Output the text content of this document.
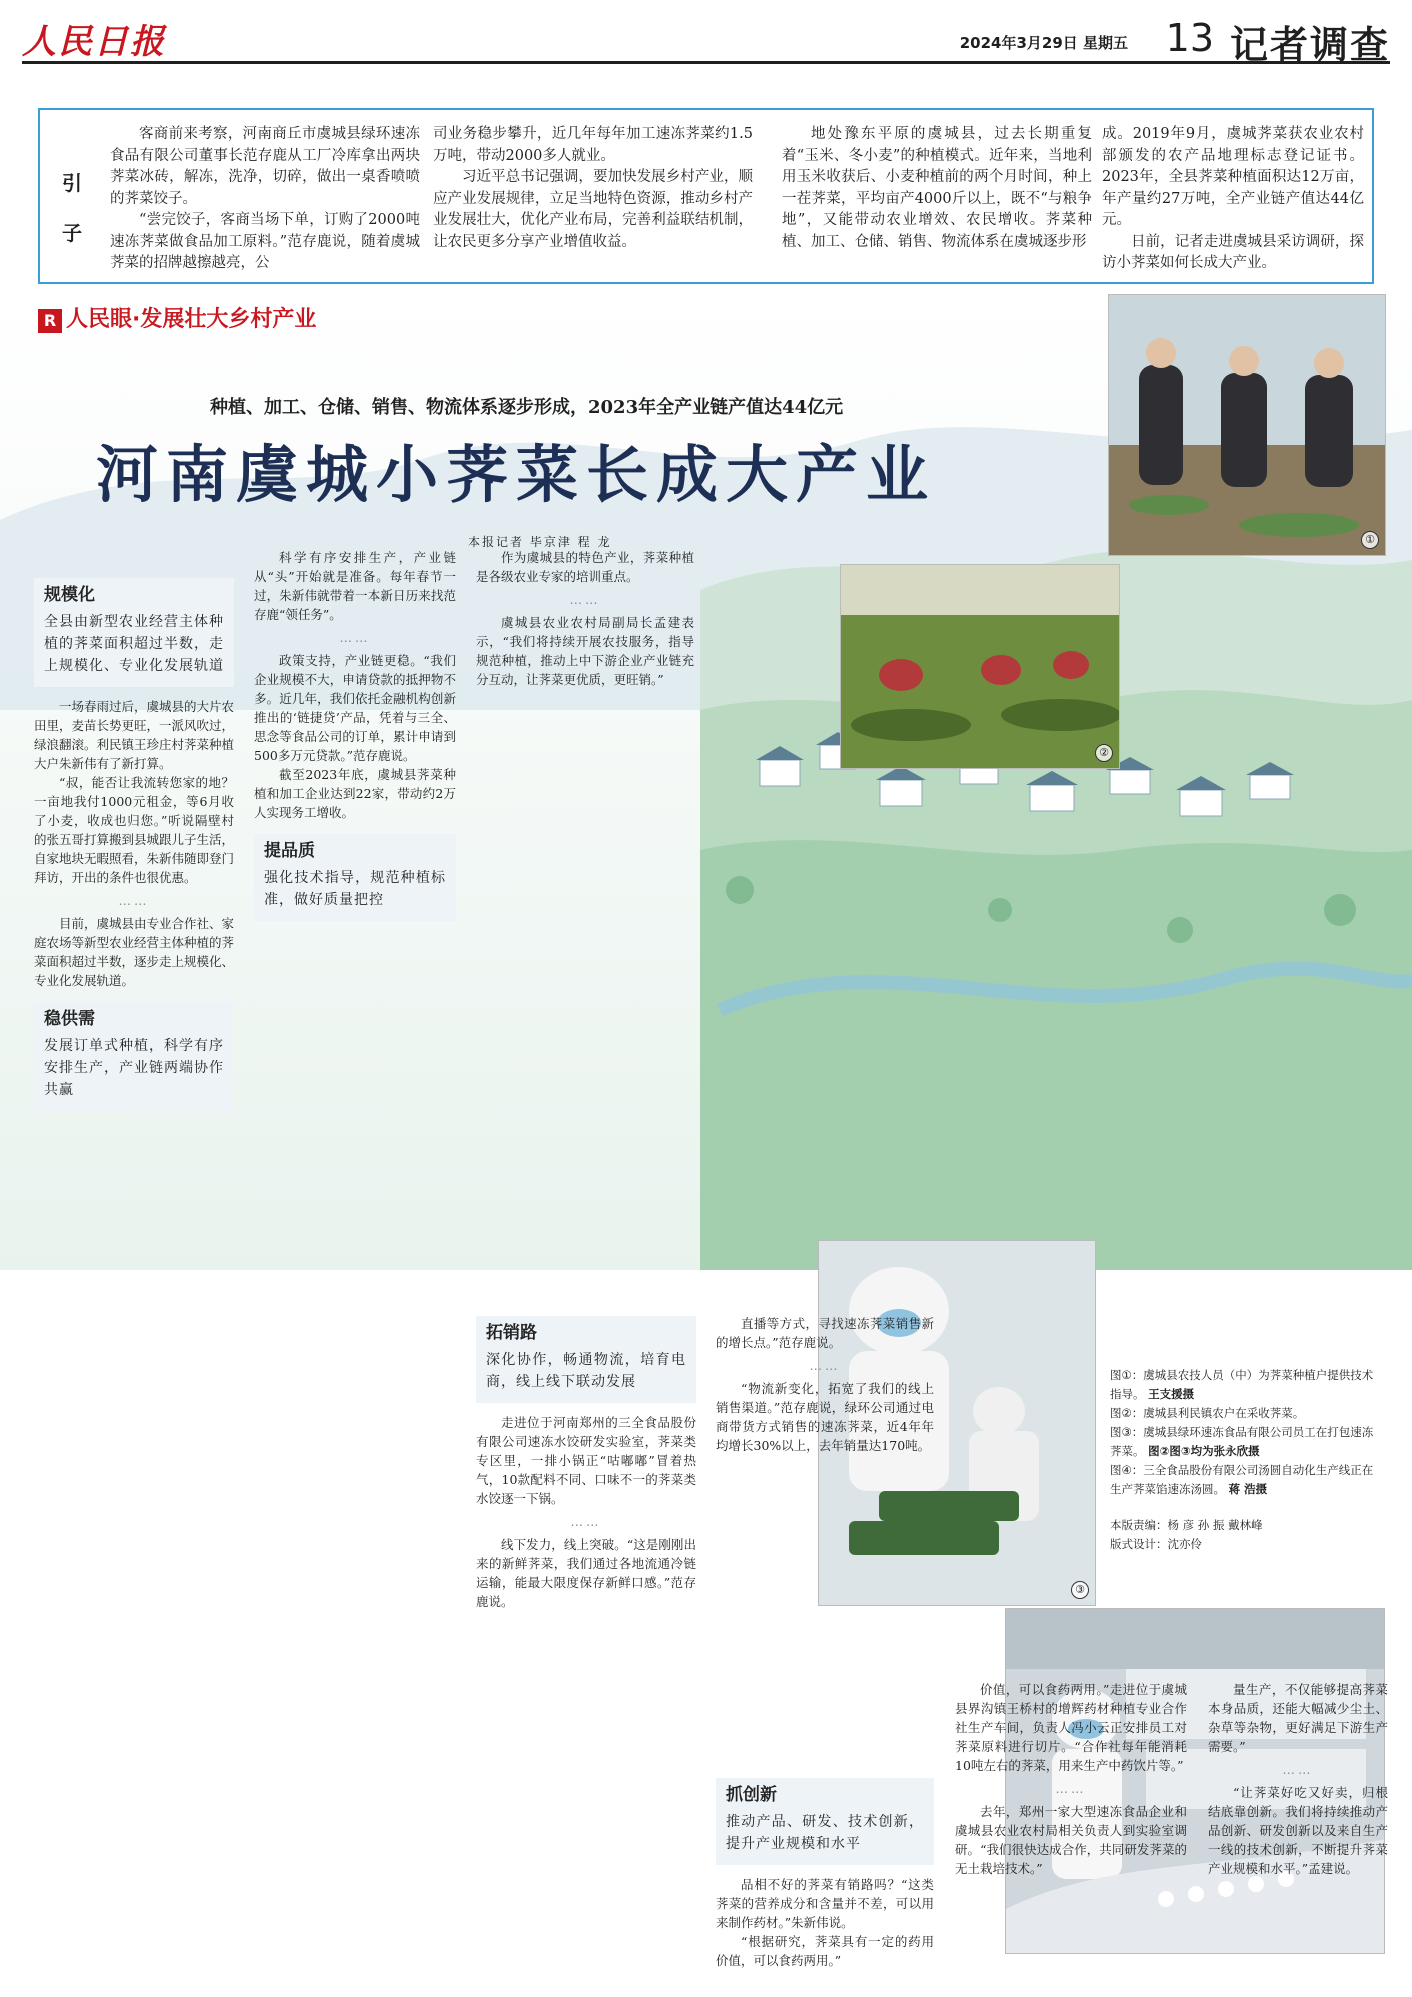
人民日报	2024年3月29日 星期五 13 记者调查
引子

客商前来考察，河南商丘市虞城县绿环速冻食品有限公司董事长范存鹿从工厂冷库拿出两块荠菜冰砖，解冻，洗净，切碎，做出一桌香喷喷的荠菜饺子。

“尝完饺子，客商当场下单，订购了2000吨速冻荠菜做食品加工原料。”范存鹿说，随着虞城荠菜的招牌越擦越亮，公

司业务稳步攀升，近几年每年加工速冻荠菜约1.5万吨，带动2000多人就业。

习近平总书记强调，要加快发展乡村产业，顺应产业发展规律，立足当地特色资源，推动乡村产业发展壮大，优化产业布局，完善利益联结机制，让农民更多分享产业增值收益。

地处豫东平原的虞城县，过去长期重复着“玉米、冬小麦”的种植模式。近年来，当地利用玉米收获后、小麦种植前的两个月时间，种上一茬荠菜，平均亩产4000斤以上，既不“与粮争地”，又能带动农业增效、农民增收。荠菜种植、加工、仓储、销售、物流体系在虞城逐步形

成。2019年9月，虞城荠菜获农业农村部颁发的农产品地理标志登记证书。2023年，全县荠菜种植面积达12万亩，年产量约27万吨，全产业链产值达44亿元。

日前，记者走进虞城县采访调研，探访小荠菜如何长成大产业。

R 人民眼·发展壮大乡村产业
种植、加工、仓储、销售、物流体系逐步形成，2023年全产业链产值达44亿元
河南虞城小荠菜长成大产业
本报记者 毕京津 程 龙	①
②
③

图①：虞城县农技人员（中）为荠菜种植户提供技术指导。 王支援摄

图②：虞城县利民镇农户在采收荠菜。

图③：虞城县绿环速冻食品有限公司员工在打包速冻荠菜。 图②图③均为张永欣摄

图④：三全食品股份有限公司汤圆自动化生产线正在生产荠菜馅速冻汤圆。 蒋 浩摄

本版责编：杨 彦 孙 振 戴林峰

版式设计：沈亦伶

规模化
全县由新型农业经营主体种植的荠菜面积超过半数，走上规模化、专业化发展轨道

一场春雨过后，虞城县的大片农田里，麦苗长势更旺，一派风吹过，绿浪翻滚。利民镇王珍庄村荠菜种植大户朱新伟有了新打算。

“叔，能否让我流转您家的地？一亩地我付1000元租金，等6月收了小麦，收成也归您。”听说隔壁村的张五哥打算搬到县城跟儿子生活，自家地块无暇照看，朱新伟随即登门拜访，开出的条件也很优惠。

……

目前，虞城县由专业合作社、家庭农场等新型农业经营主体种植的荠菜面积超过半数，逐步走上规模化、专业化发展轨道。

稳供需
发展订单式种植，科学有序安排生产，产业链两端协作共赢

科学有序安排生产，产业链从“头”开始就是准备。每年春节一过，朱新伟就带着一本新日历来找范存鹿“领任务”。

……

政策支持，产业链更稳。“我们企业规模不大，申请贷款的抵押物不多。近几年，我们依托金融机构创新推出的‘链捷贷’产品，凭着与三全、思念等食品公司的订单，累计申请到500多万元贷款。”范存鹿说。

截至2023年底，虞城县荠菜种植和加工企业达到22家，带动约2万人实现务工增收。

提品质
强化技术指导，规范种植标准，做好质量把控

作为虞城县的特色产业，荠菜种植是各级农业专家的培训重点。

……

虞城县农业农村局副局长孟建表示，“我们将持续开展农技服务，指导规范种植，推动上中下游企业产业链充分互动，让荠菜更优质，更旺销。”

拓销路
深化协作，畅通物流，培育电商，线上线下联动发展

走进位于河南郑州的三全食品股份有限公司速冻水饺研发实验室，荠菜类专区里，一排小锅正“咕嘟嘟”冒着热气，10款配料不同、口味不一的荠菜类水饺逐一下锅。

……

线下发力，线上突破。“这是刚刚出来的新鲜荠菜，我们通过各地流通冷链运输，能最大限度保存新鲜口感。”范存鹿说。

直播等方式，寻找速冻荠菜销售新的增长点。”范存鹿说。

……

“物流新变化，拓宽了我们的线上销售渠道。”范存鹿说，绿环公司通过电商带货方式销售的速冻荠菜，近4年年均增长30%以上，去年销量达170吨。

抓创新
推动产品、研发、技术创新，提升产业规模和水平

品相不好的荠菜有销路吗？“这类荠菜的营养成分和含量并不差，可以用来制作药材。”朱新伟说。

“根据研究，荠菜具有一定的药用价值，可以食药两用。”

价值，可以食药两用。”走进位于虞城县界沟镇王桥村的增辉药材种植专业合作社生产车间，负责人冯小云正安排员工对荠菜原料进行切片。“合作社每年能消耗10吨左右的荠菜，用来生产中药饮片等。”

……

去年，郑州一家大型速冻食品企业和虞城县农业农村局相关负责人到实验室调研。“我们很快达成合作，共同研发荠菜的无土栽培技术。”

量生产，不仅能够提高荠菜本身品质，还能大幅减少尘土、杂草等杂物，更好满足下游生产需要。”

……

“让荠菜好吃又好卖，归根结底靠创新。我们将持续推动产品创新、研发创新以及来自生产一线的技术创新，不断提升荠菜产业规模和水平。”孟建说。
